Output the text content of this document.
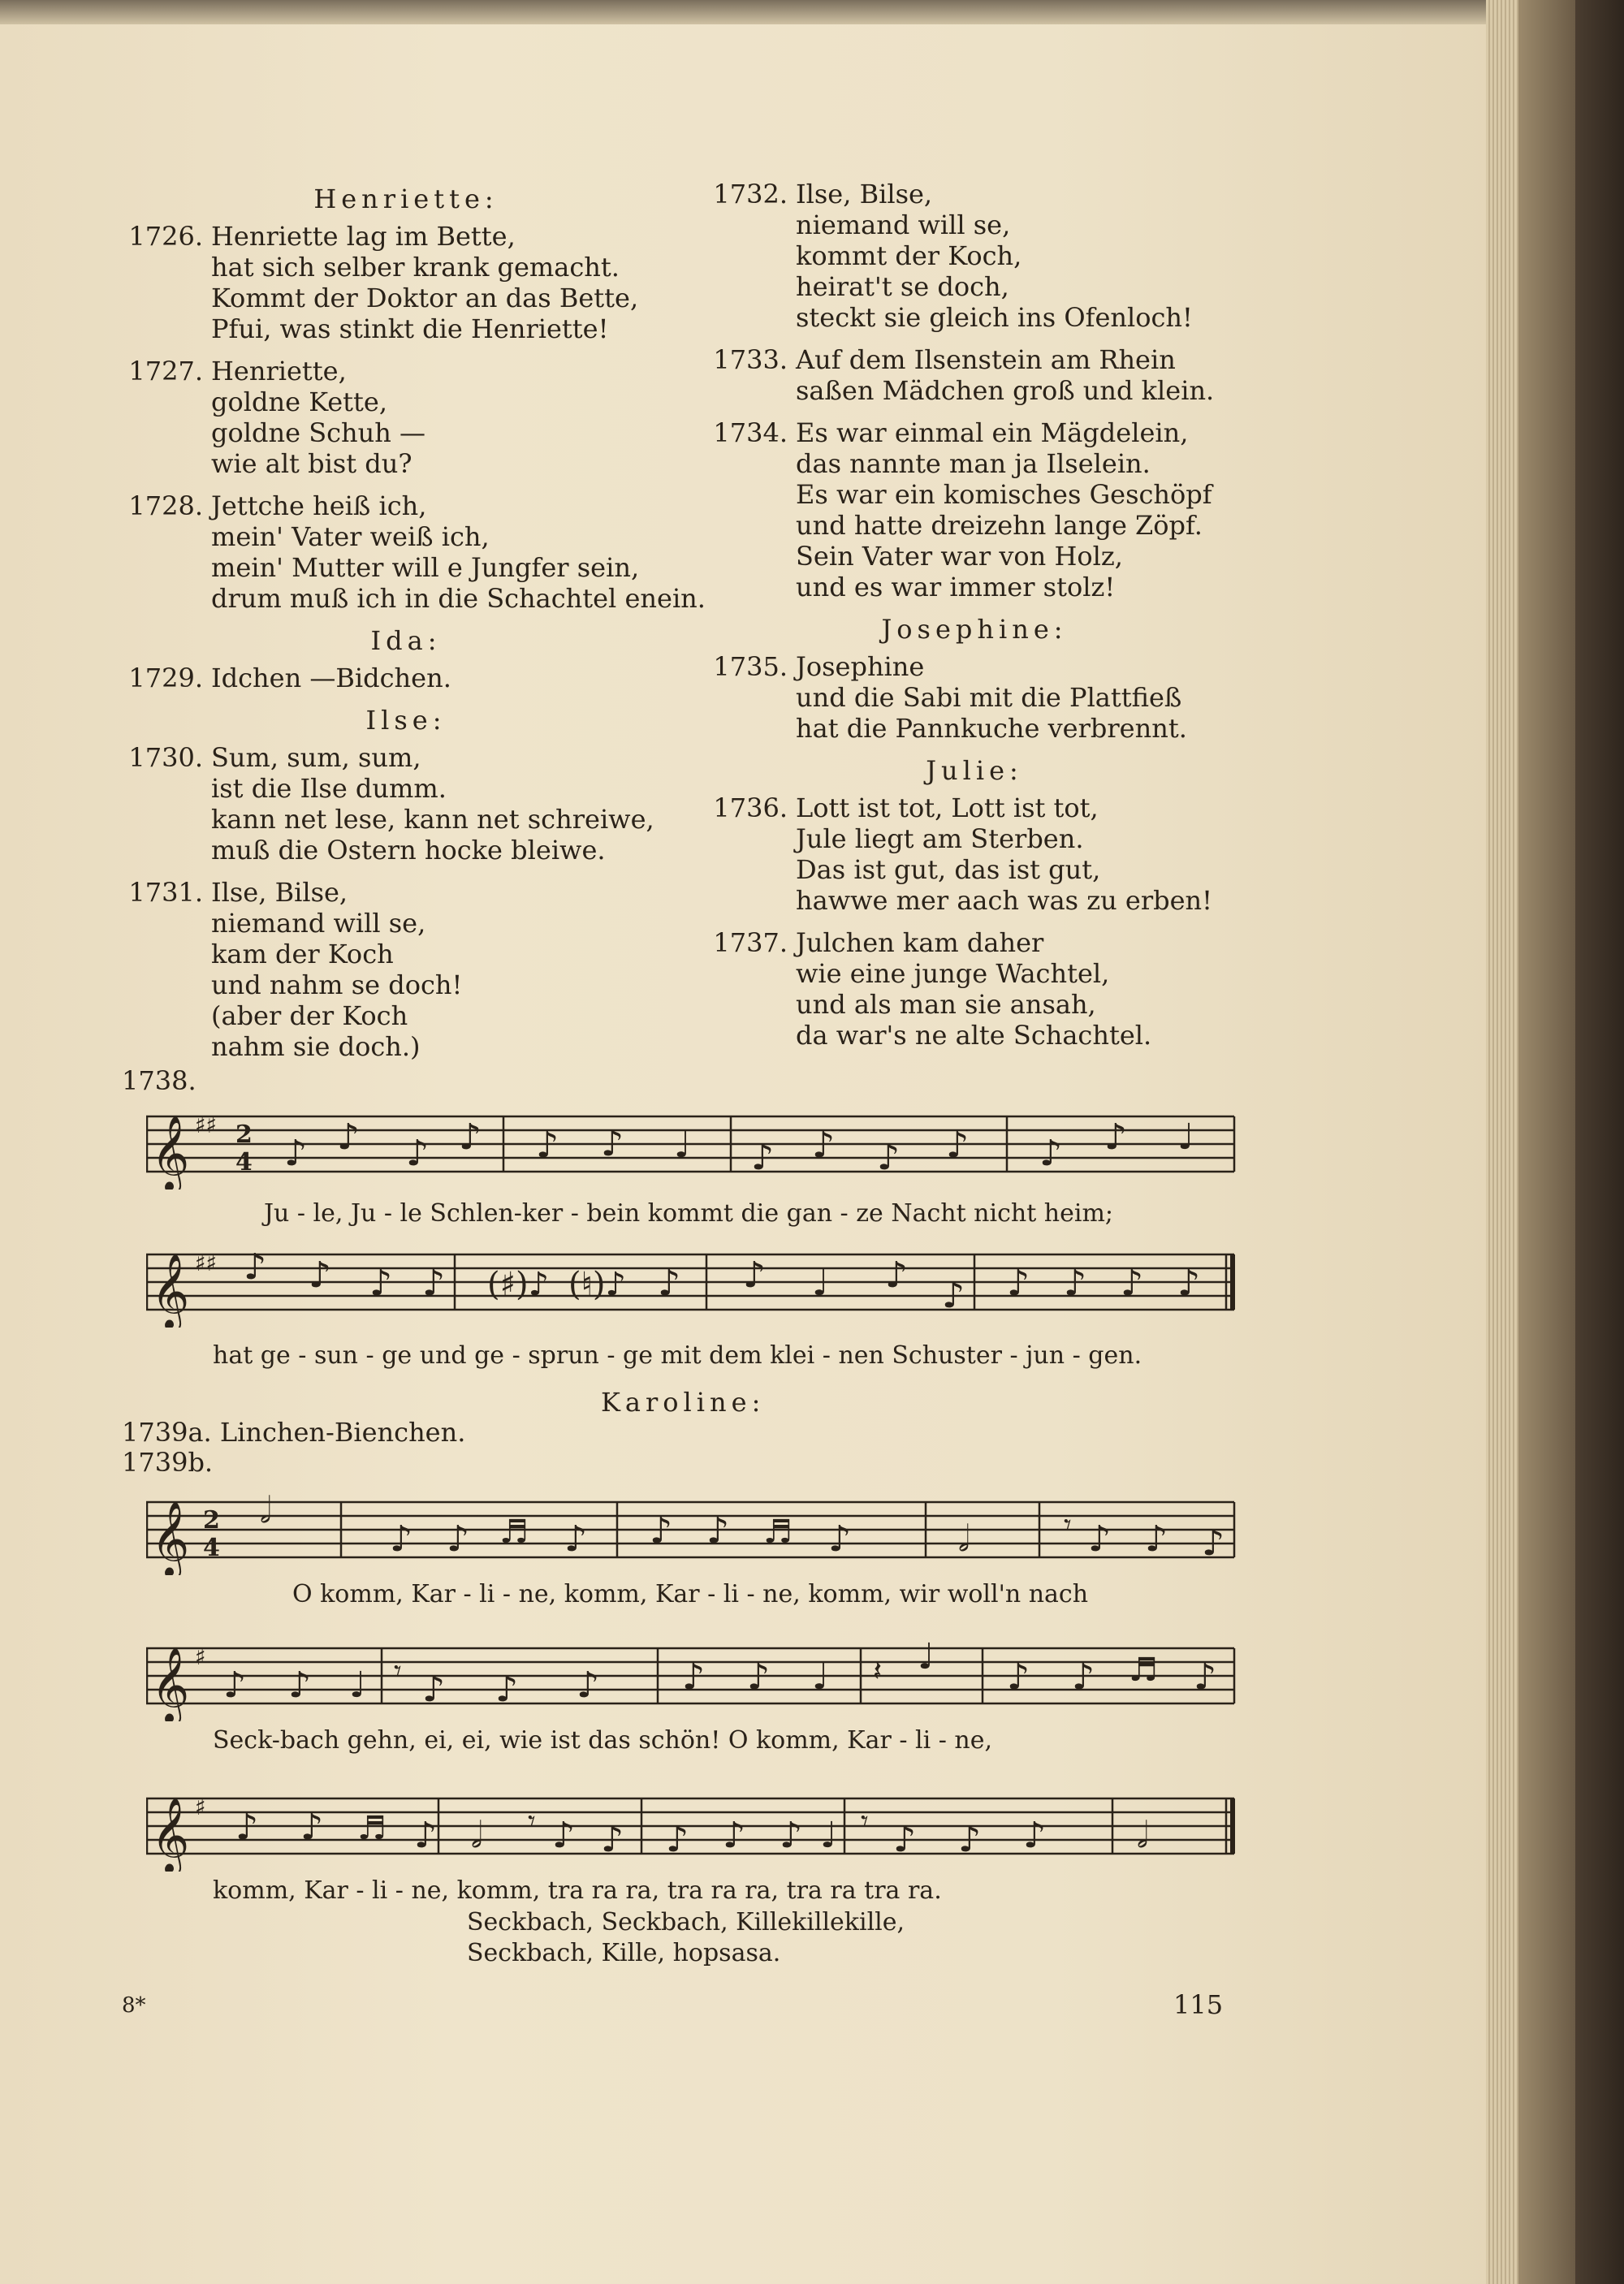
Henriette:
1726. Henriette lag im Bette,
hat sich selber krank gemacht.
Kommt der Doktor an das Bette,
Pfui, was stinkt die Henriette!
1727. Henriette,
goldne Kette,
goldne Schuh —
wie alt bist du?
1728. Jettche heiß ich,
mein' Vater weiß ich,
mein' Mutter will e Jungfer sein,
drum muß ich in die Schachtel enein.
Ida:
1729. Idchen —Bidchen.
Ilse:
1730. Sum, sum, sum,
ist die Ilse dumm.
kann net lese, kann net schreiwe,
muß die Ostern hocke bleiwe.
1731. Ilse, Bilse,
niemand will se,
kam der Koch
und nahm se doch!
(aber der Koch
nahm sie doch.)
1732. Ilse, Bilse,
niemand will se,
kommt der Koch,
heirat't se doch,
steckt sie gleich ins Ofenloch!
1733. Auf dem Ilsenstein am Rhein
saßen Mädchen groß und klein.
1734. Es war einmal ein Mägdelein,
das nannte man ja Ilselein.
Es war ein komisches Geschöpf
und hatte dreizehn lange Zöpf.
Sein Vater war von Holz,
und es war immer stolz!
Josephine:
1735. Josephine
und die Sabi mit die Plattfieß
hat die Pannkuche verbrennt.
Julie:
1736. Lott ist tot, Lott ist tot,
Jule liegt am Sterben.
Das ist gut, das ist gut,
hawwe mer aach was zu erben!
1737. Julchen kam daher
wie eine junge Wachtel,
und als man sie ansah,
da war's ne alte Schachtel.
1738.
𝄞 ♯♯ 2
4 ♪ ♪ ♪ ♪ ♪ ♪ ♩ ♪ ♪ ♪ ♪ ♪ ♪ ♩
Ju - le, Ju - le Schlen-ker - bein kommt die gan - ze Nacht nicht heim;
𝄞 ♯♯ ♪ ♪ ♪ ♪ (♯)♪ (♮)♪ ♪ ♪ ♩ ♪ ♪ ♪ ♪ ♪ ♪
hat ge - sun - ge und ge - sprun - ge mit dem klei - nen Schuster - jun - gen.
Karoline:
1739a. Linchen-Bienchen.
1739b.
𝄞 2
4
𝅗𝅥
♪ ♪ ♬ ♪ ♪ ♪ ♬ ♪	𝅗𝅥	𝄾 ♪ ♪ ♪
O komm, Kar - li - ne, komm, Kar - li - ne, komm, wir woll'n nach
𝄞 ♯
♪ ♪ ♩ 𝄾 ♪ ♪ ♪ ♪ ♪ ♩ 𝄽 ♩ ♪ ♪ ♬ ♪
Seck-bach gehn, ei, ei, wie ist das schön! O komm, Kar - li - ne,
𝄞 ♯ ♪ ♪ ♬ ♪ 𝅗𝅥 𝄾 ♪ ♪ ♪ ♪ ♪ ♩ 𝄾 ♪ ♪ ♪	𝅗𝅥
komm, Kar - li - ne, komm, tra ra ra, tra ra ra, tra ra tra ra.
Seckbach, Seckbach, Killekillekille,
Seckbach, Kille, hopsasa.
8*	115
